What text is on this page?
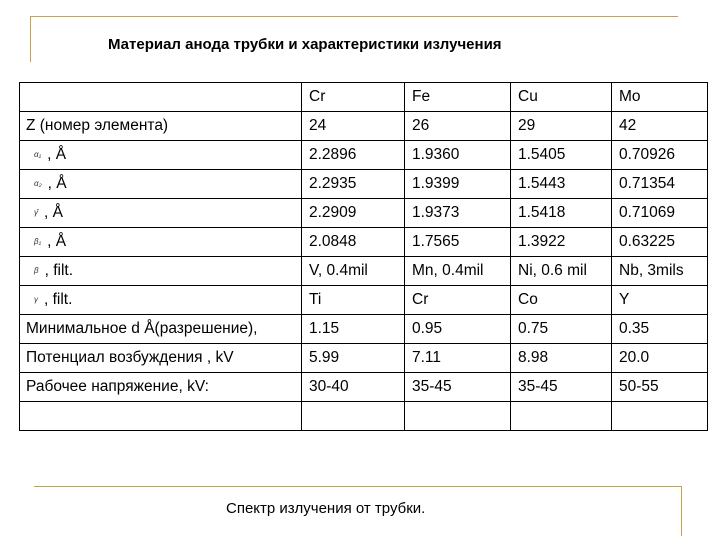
Материал анода трубки и характеристики излучения
	Cr	Fe	Cu	Mo
Z (номер элемента)	24	26	29	42
α₁ , Å	2.2896	1.9360	1.5405	0.70926
α₂ , Å	2.2935	1.9399	1.5443	0.71354
γ̄ , Å	2.2909	1.9373	1.5418	0.71069
β₁ , Å	2.0848	1.7565	1.3922	0.63225
β , filt.	V, 0.4mil	Mn, 0.4mil	Ni, 0.6 mil	Nb, 3mils
γ , filt.	Ti	Cr	Co	Y
Минимальное d Å(разрешение),	1.15	0.95	0.75	0.35
Потенциал возбуждения , kV	5.99	7.11	8.98	20.0
Рабочее напряжение, kV:	30-40	35-45	35-45	50-55

Спектр излучения от трубки.
